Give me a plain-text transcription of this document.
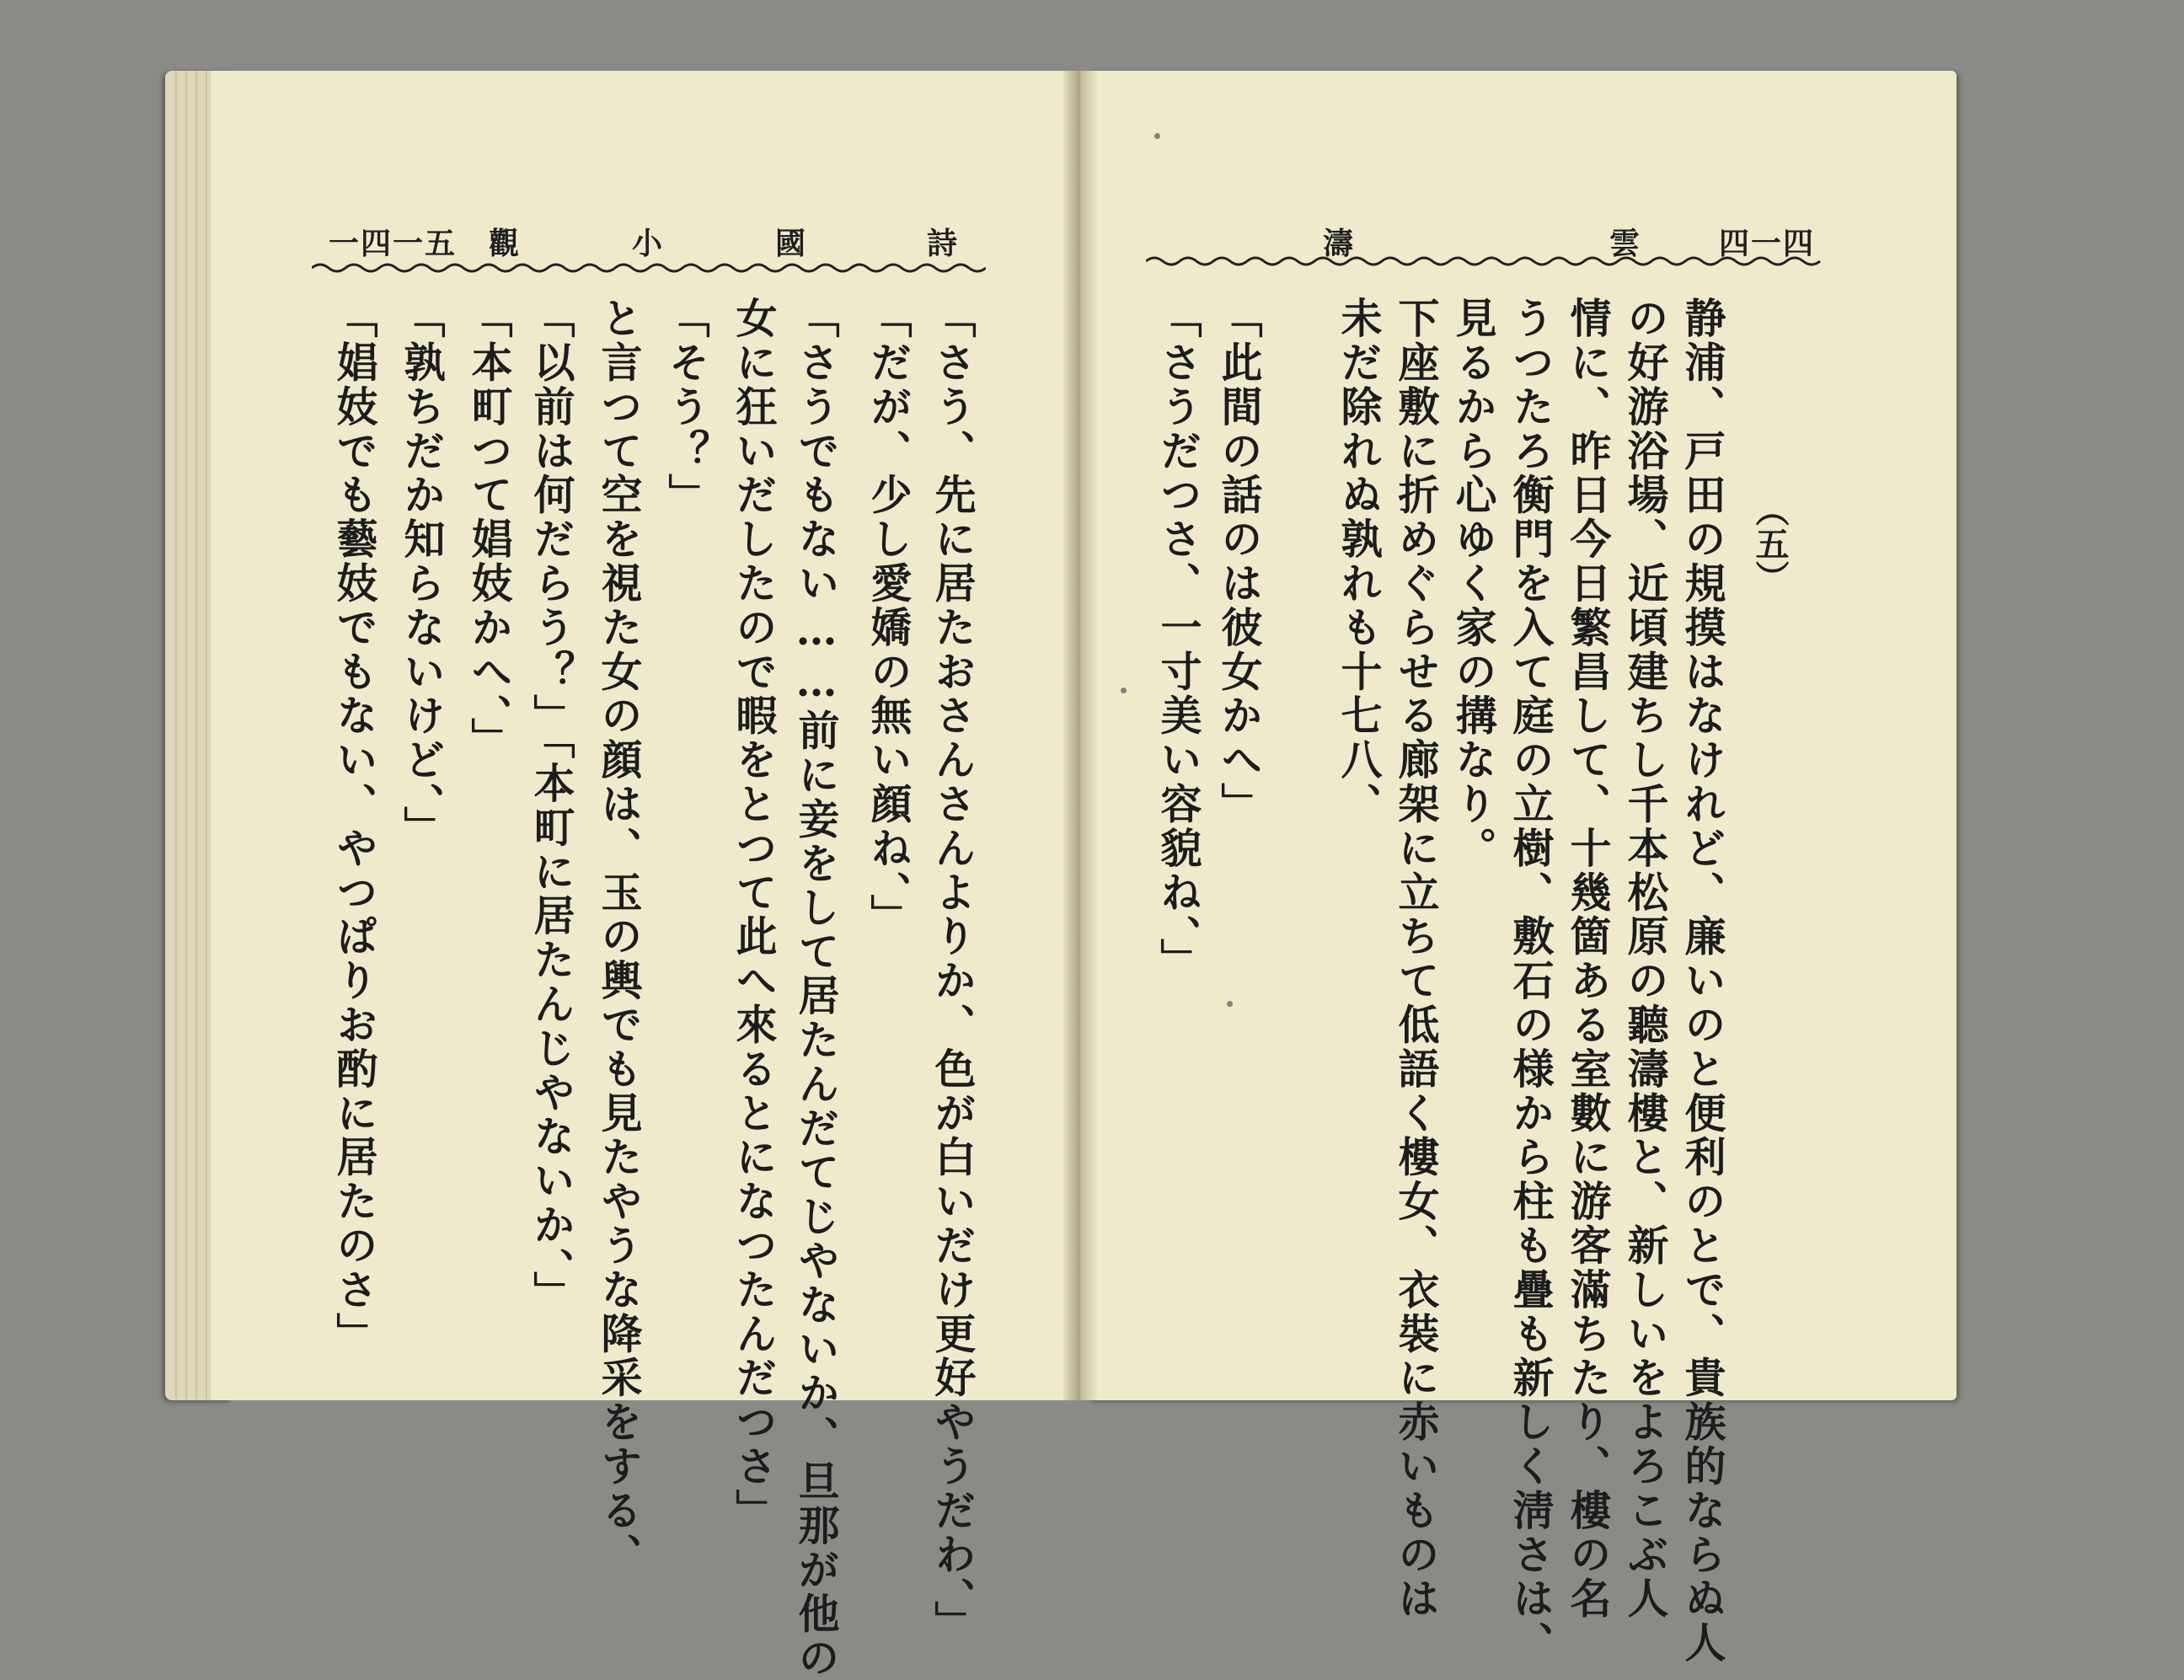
一四一五 觀	小	國	詩	濤	雲	四一四
（五）
静浦、戸田の規摸はなけれど、廉いのと便利のとで、貴族的ならぬ人
の好游浴場、近頃建ちし千本松原の聽濤樓と、新しいをよろこぶ人
情に、昨日今日繁昌して、十幾箇ある室數に游客滿ちたり、樓の名
うつたろ衡門を入て庭の立樹、敷石の様から柱も疊も新しく淸さは、
見るから心ゆく家の搆なり。
下座敷に折めぐらせる廊架に立ちて低語く樓女、衣裝に赤いものは
未だ除れぬ孰れも十七八、
「此間の話のは彼女かへ」
「さうだつさ、一寸美い容貌ね、」
「さう、先に居たおさんさんよりか、色が白いだけ更好やうだわ、」
「だが、少し愛嬌の無い顔ね、」
「さうでもない……前に妾をして居たんだてじやないか、旦那が他の
女に狂いだしたので暇をとつて此へ來るとになつたんだつさ」
「そう？」
と言つて空を視た女の顔は、玉の輿でも見たやうな降采をする、
「以前は何だらう？」「本町に居たんじやないか、」
「本町つて娼妓かへ、」
「孰ちだか知らないけど、」
「娼妓でも藝妓でもない、やつぱりお酌に居たのさ」
